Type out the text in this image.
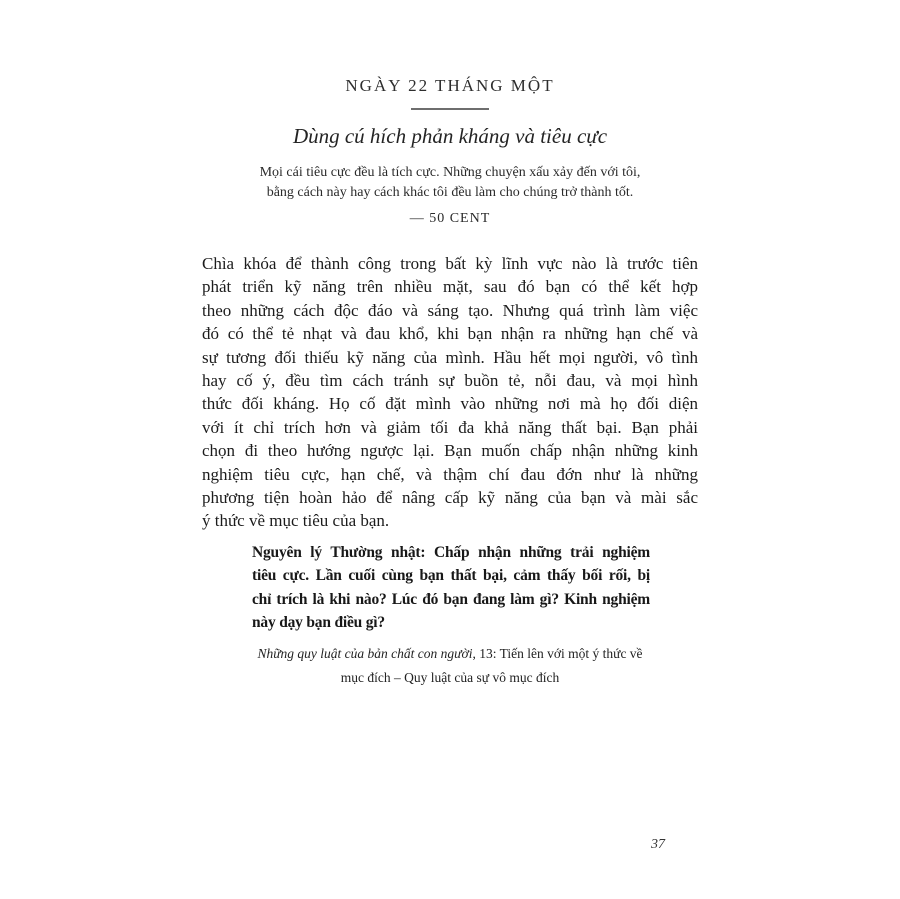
NGÀY 22 THÁNG MỘT
Dùng cú hích phản kháng và tiêu cực
Mọi cái tiêu cực đều là tích cực. Những chuyện xấu xảy đến với tôi,
bằng cách này hay cách khác tôi đều làm cho chúng trở thành tốt.
— 50 CENT
Chìa khóa để thành công trong bất kỳ lĩnh vực nào là trước tiên
phát triển kỹ năng trên nhiều mặt, sau đó bạn có thể kết hợp
theo những cách độc đáo và sáng tạo. Nhưng quá trình làm việc
đó có thể tẻ nhạt và đau khổ, khi bạn nhận ra những hạn chế và
sự tương đối thiếu kỹ năng của mình. Hầu hết mọi người, vô tình
hay cố ý, đều tìm cách tránh sự buồn tẻ, nỗi đau, và mọi hình
thức đối kháng. Họ cố đặt mình vào những nơi mà họ đối diện
với ít chỉ trích hơn và giảm tối đa khả năng thất bại. Bạn phải
chọn đi theo hướng ngược lại. Bạn muốn chấp nhận những kinh
nghiệm tiêu cực, hạn chế, và thậm chí đau đớn như là những
phương tiện hoàn hảo để nâng cấp kỹ năng của bạn và mài sắc
ý thức về mục tiêu của bạn.
Nguyên lý Thường nhật: Chấp nhận những trải nghiệm
tiêu cực. Lần cuối cùng bạn thất bại, cảm thấy bối rối, bị
chỉ trích là khi nào? Lúc đó bạn đang làm gì? Kinh nghiệm
này dạy bạn điều gì?
Những quy luật của bản chất con người, 13: Tiến lên với một ý thức về
mục đích – Quy luật của sự vô mục đích
37
